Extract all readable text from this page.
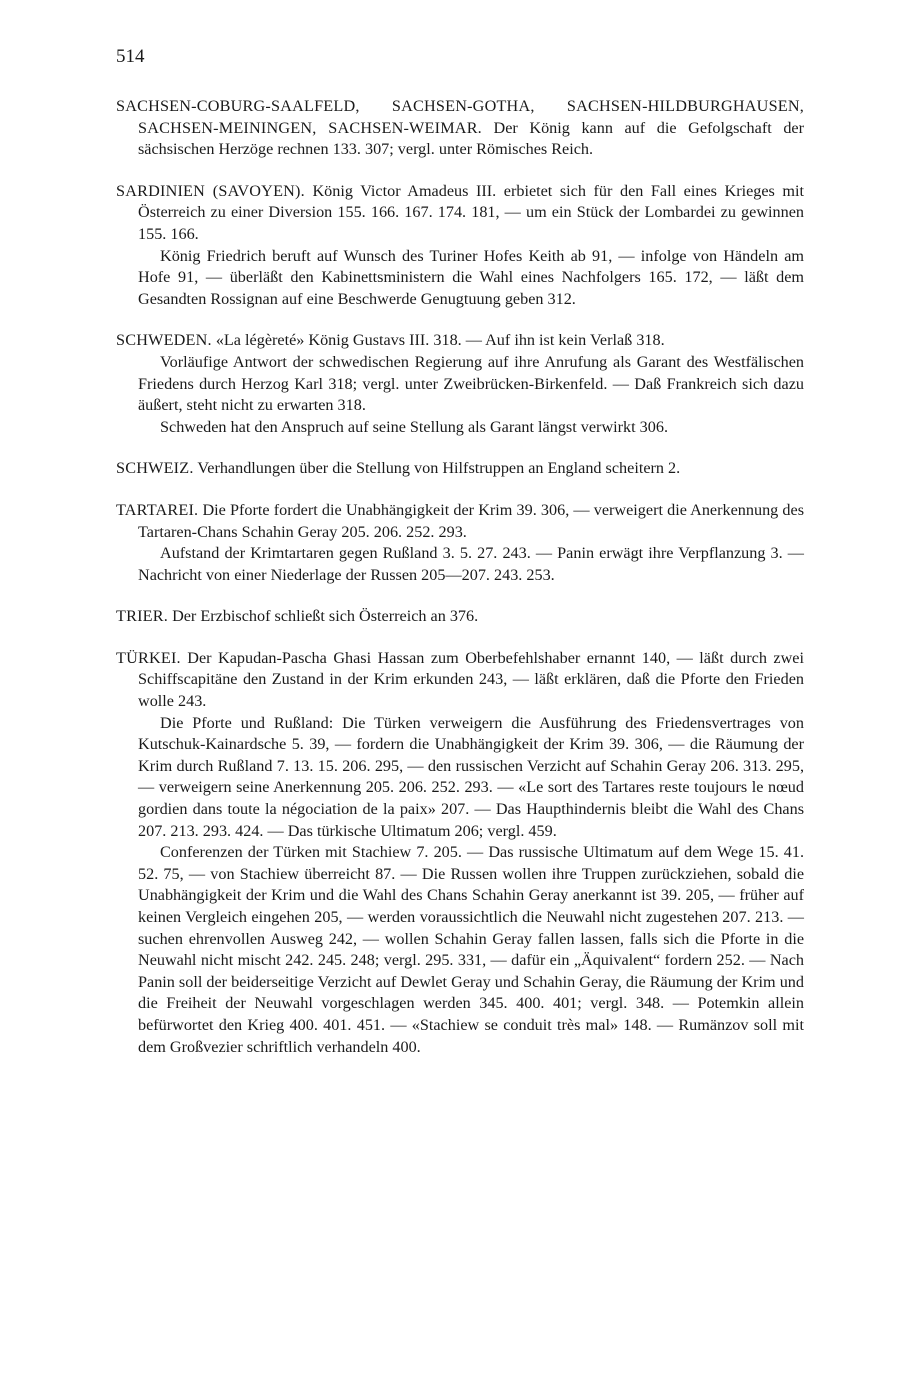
514

SACHSEN-COBURG-SAALFELD, SACHSEN-GOTHA, SACHSEN-HILDBURGHAUSEN, SACHSEN-MEININGEN, SACHSEN-WEIMAR. Der König kann auf die Gefolgschaft der sächsischen Herzöge rechnen 133. 307; vergl. unter Römisches Reich.

SARDINIEN (SAVOYEN). König Victor Amadeus III. erbietet sich für den Fall eines Krieges mit Österreich zu einer Diversion 155. 166. 167. 174. 181, — um ein Stück der Lombardei zu gewinnen 155. 166.

König Friedrich beruft auf Wunsch des Turiner Hofes Keith ab 91, — infolge von Händeln am Hofe 91, — überläßt den Kabinettsministern die Wahl eines Nachfolgers 165. 172, — läßt dem Gesandten Rossignan auf eine Beschwerde Genugtuung geben 312.

SCHWEDEN. «La légèreté» König Gustavs III. 318. — Auf ihn ist kein Verlaß 318.

Vorläufige Antwort der schwedischen Regierung auf ihre Anrufung als Garant des Westfälischen Friedens durch Herzog Karl 318; vergl. unter Zweibrücken-Birkenfeld. — Daß Frankreich sich dazu äußert, steht nicht zu erwarten 318.

Schweden hat den Anspruch auf seine Stellung als Garant längst verwirkt 306.

SCHWEIZ. Verhandlungen über die Stellung von Hilfstruppen an England scheitern 2.

TARTAREI. Die Pforte fordert die Unabhängigkeit der Krim 39. 306, — verweigert die Anerkennung des Tartaren-Chans Schahin Geray 205. 206. 252. 293.

Aufstand der Krimtartaren gegen Rußland 3. 5. 27. 243. — Panin erwägt ihre Verpflanzung 3. — Nachricht von einer Niederlage der Russen 205—207. 243. 253.

TRIER. Der Erzbischof schließt sich Österreich an 376.

TÜRKEI. Der Kapudan-Pascha Ghasi Hassan zum Oberbefehlshaber ernannt 140, — läßt durch zwei Schiffscapitäne den Zustand in der Krim erkunden 243, — läßt erklären, daß die Pforte den Frieden wolle 243.

Die Pforte und Rußland: Die Türken verweigern die Ausführung des Friedensvertrages von Kutschuk-Kainardsche 5. 39, — fordern die Unabhängigkeit der Krim 39. 306, — die Räumung der Krim durch Rußland 7. 13. 15. 206. 295, — den russischen Verzicht auf Schahin Geray 206. 313. 295, — verweigern seine Anerkennung 205. 206. 252. 293. — «Le sort des Tartares reste toujours le nœud gordien dans toute la négociation de la paix» 207. — Das Haupthindernis bleibt die Wahl des Chans 207. 213. 293. 424. — Das türkische Ultimatum 206; vergl. 459.

Conferenzen der Türken mit Stachiew 7. 205. — Das russische Ultimatum auf dem Wege 15. 41. 52. 75, — von Stachiew überreicht 87. — Die Russen wollen ihre Truppen zurückziehen, sobald die Unabhängigkeit der Krim und die Wahl des Chans Schahin Geray anerkannt ist 39. 205, — früher auf keinen Vergleich eingehen 205, — werden voraussichtlich die Neuwahl nicht zugestehen 207. 213. — suchen ehrenvollen Ausweg 242, — wollen Schahin Geray fallen lassen, falls sich die Pforte in die Neuwahl nicht mischt 242. 245. 248; vergl. 295. 331, — dafür ein „Äquivalent“ fordern 252. — Nach Panin soll der beiderseitige Verzicht auf Dewlet Geray und Schahin Geray, die Räumung der Krim und die Freiheit der Neuwahl vorgeschlagen werden 345. 400. 401; vergl. 348. — Potemkin allein befürwortet den Krieg 400. 401. 451. — «Stachiew se conduit très mal» 148. — Rumänzov soll mit dem Großvezier schriftlich verhandeln 400.
